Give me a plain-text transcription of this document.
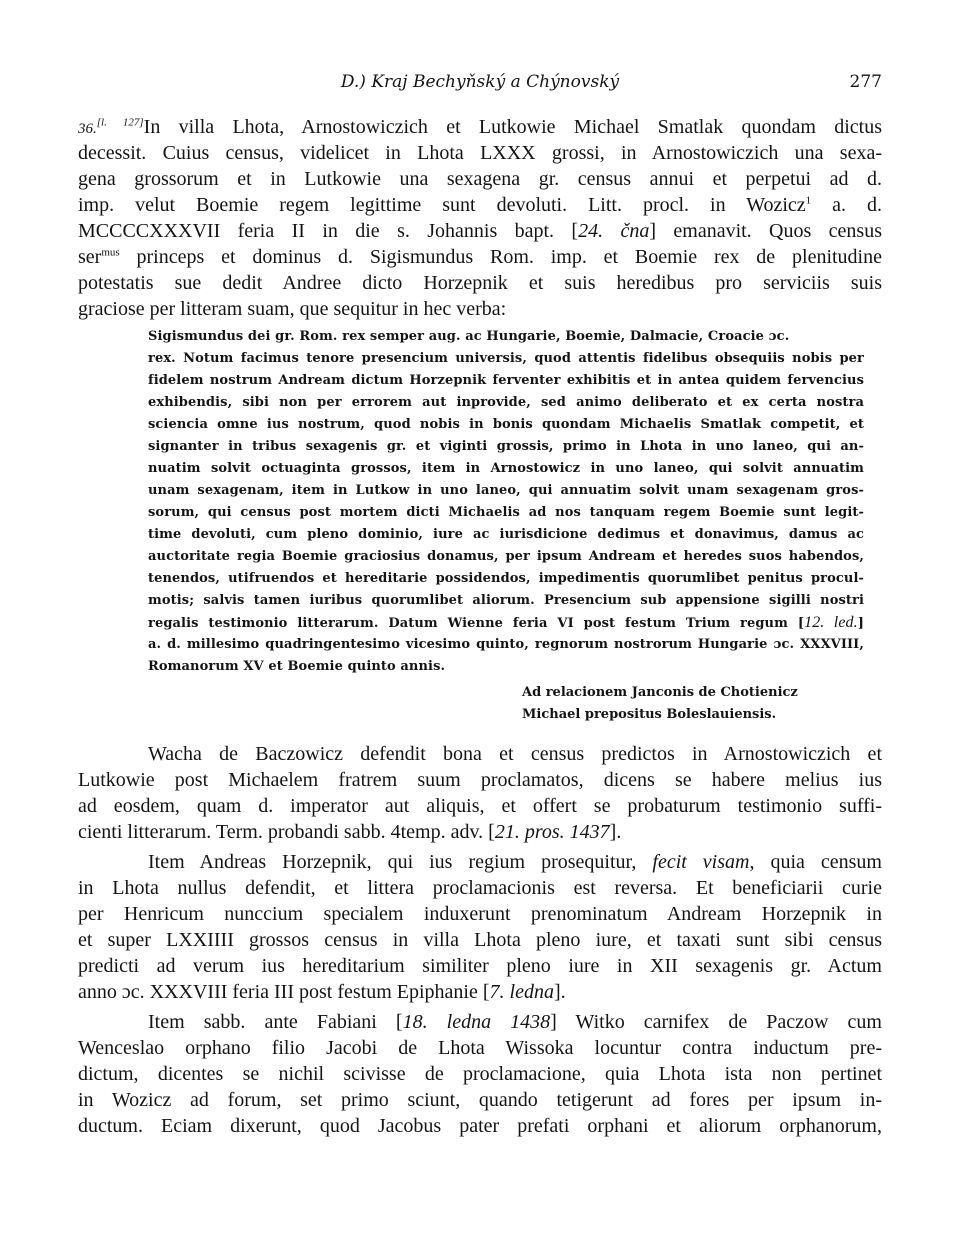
D.) Kraj Bechyňský a Chýnovský	277
36.[l. 127]In villa Lhota, Arnostowiczich et Lutkowie Michael Smatlak quondam dictus
decessit. Cuius census, videlicet in Lhota LXXX grossi, in Arnostowiczich una sexa-
gena grossorum et in Lutkowie una sexagena gr. census annui et perpetui ad d.
imp. velut Boemie regem legittime sunt devoluti. Litt. procl. in Wozicz$^1$ a. d.
MCCCCXXXVII feria II in die s. Johannis bapt. [24. čna] emanavit. Quos census
ser$^{mus}$ princeps et dominus d. Sigismundus Rom. imp. et Boemie rex de plenitudine
potestatis sue dedit Andree dicto Horzepnik et suis heredibus pro serviciis suis
graciose per litteram suam, que sequitur in hec verba:
Sigismundus dei gr. Rom. rex semper aug. ac Hungarie, Boemie, Dalmacie, Croacie ɔc.
rex. Notum facimus tenore presencium universis, quod attentis fidelibus obsequiis nobis per
fidelem nostrum Andream dictum Horzepnik ferventer exhibitis et in antea quidem fervencius
exhibendis, sibi non per errorem aut inprovide, sed animo deliberato et ex certa nostra
sciencia omne ius nostrum, quod nobis in bonis quondam Michaelis Smatlak competit, et
signanter in tribus sexagenis gr. et viginti grossis, primo in Lhota in uno laneo, qui an-
nuatim solvit octuaginta grossos, item in Arnostowicz in uno laneo, qui solvit annuatim
unam sexagenam, item in Lutkow in uno laneo, qui annuatim solvit unam sexagenam gros-
sorum, qui census post mortem dicti Michaelis ad nos tanquam regem Boemie sunt legit-
time devoluti, cum pleno dominio, iure ac iurisdicione dedimus et donavimus, damus ac
auctoritate regia Boemie graciosius donamus, per ipsum Andream et heredes suos habendos,
tenendos, utifruendos et hereditarie possidendos, impedimentis quorumlibet penitus procul-
motis; salvis tamen iuribus quorumlibet aliorum. Presencium sub appensione sigilli nostri
regalis testimonio litterarum. Datum Wienne feria VI post festum Trium regum [12. led.]
a. d. millesimo quadringentesimo vicesimo quinto, regnorum nostrorum Hungarie ɔc. XXXVIII,
Romanorum XV et Boemie quinto annis.
Ad relacionem Janconis de Chotienicz
Michael prepositus Boleslauiensis.
Wacha de Baczowicz defendit bona et census predictos in Arnostowiczich et
Lutkowie post Michaelem fratrem suum proclamatos, dicens se habere melius ius
ad eosdem, quam d. imperator aut aliquis, et offert se probaturum testimonio suffi-
cienti litterarum. Term. probandi sabb. 4temp. adv. [21. pros. 1437].
Item Andreas Horzepnik, qui ius regium prosequitur, fecit visam, quia censum
in Lhota nullus defendit, et littera proclamacionis est reversa. Et beneficiarii curie
per Henricum nunccium specialem induxerunt prenominatum Andream Horzepnik in
et super LXXIIII grossos census in villa Lhota pleno iure, et taxati sunt sibi census
predicti ad verum ius hereditarium similiter pleno iure in XII sexagenis gr. Actum
anno ɔc. XXXVIII feria III post festum Epiphanie [7. ledna].
Item sabb. ante Fabiani [18. ledna 1438] Witko carnifex de Paczow cum
Wenceslao orphano filio Jacobi de Lhota Wissoka locuntur contra inductum pre-
dictum, dicentes se nichil scivisse de proclamacione, quia Lhota ista non pertinet
in Wozicz ad forum, set primo sciunt, quando tetigerunt ad fores per ipsum in-
ductum. Eciam dixerunt, quod Jacobus pater prefati orphani et aliorum orphanorum,
